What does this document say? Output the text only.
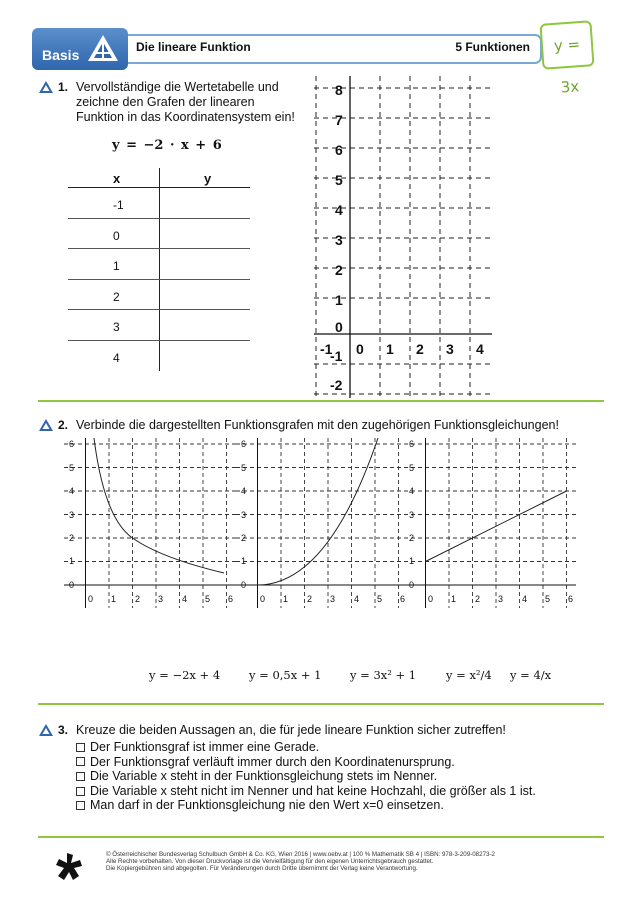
Basis	Die lineare Funktion	5 Funktionen	y = 3x
1. Vervollständige die Wertetabelle und
zeichne den Grafen der linearen
Funktion in das Koordinatensystem ein!
y = −2 · x + 6
x	y
-1
0
1
2
3
4
8
7
6
5
4
3
2
1
0
-1
-2
-1 0 1 2 3 4
2. Verbinde die dargestellten Funktionsgrafen mit den zugehörigen Funktionsgleichungen!
0
1
2
3
4
5
6
0 1 2 3 4 5 6
0
1
2
3
4
5
6
0 1 2 3 4 5 6
0
1
2
3
4
5
6
0 1 2 3 4 5 6
y = −2x + 4	y = 0,5x + 1 y = 3x² + 1	y = x²/4 y = 4/x
3. Kreuze die beiden Aussagen an, die für jede lineare Funktion sicher zutreffen!
Der Funktionsgraf ist immer eine Gerade.
Der Funktionsgraf verläuft immer durch den Koordinatenursprung.
Die Variable x steht in der Funktionsgleichung stets im Nenner.
Die Variable x steht nicht im Nenner und hat keine Hochzahl, die größer als 1 ist.
Man darf in der Funktionsgleichung nie den Wert x=0 einsetzen.
© Österreichischer Bundesverlag Schulbuch GmbH & Co. KG, Wien 2016 | www.oebv.at | 100 % Mathematik SB 4 | ISBN: 978-3-209-08273-2
Alle Rechte vorbehalten. Von dieser Druckvorlage ist die Vervielfältigung für den eigenen Unterrichtsgebrauch gestattet.
Die Kopiergebühren sind abgegolten. Für Veränderungen durch Dritte übernimmt der Verlag keine Verantwortung.
